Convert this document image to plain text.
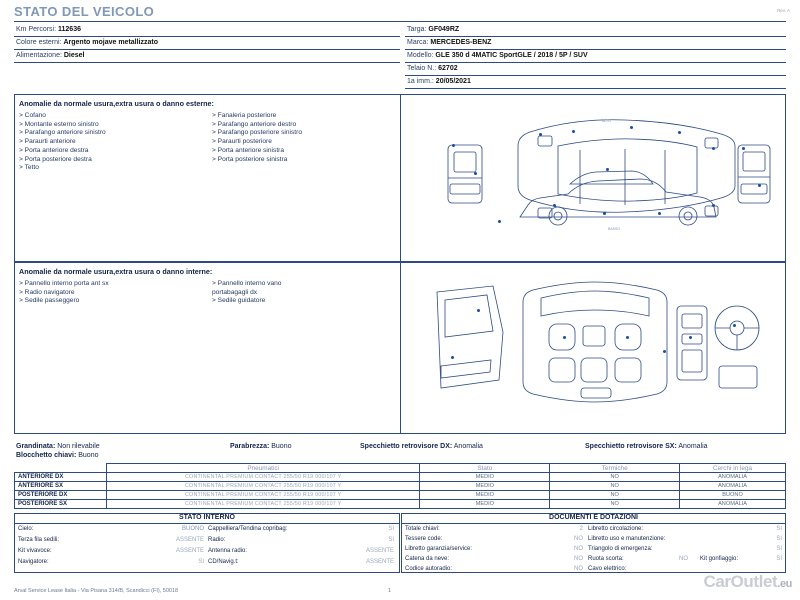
STATO DEL VEICOLO	Rev. A
Km Percorsi: 112636
Colore esterni: Argento mojave metallizzato
Alimentazione: Diesel
Targa: GF049RZ
Marca: MERCEDES-BENZ
Modello: GLE 350 d 4MATIC SportGLE / 2018 / 5P / SUV
Telaio N.: 62702
1a imm.: 20/05/2021
Anomalie da normale usura,extra usura o danno esterne:
> Cofano
> Montante esterno sinistro
> Parafango anteriore sinistro
> Paraurti anteriore
> Porta anteriore destra
> Porta posteriore destra
> Tetto
> Fanaleria posteriore
> Parafango anteriore destro
> Parafango posteriore sinistro
> Paraurti posteriore
> Porta anteriore sinistra
> Porta posteriore sinistra
ALTO
BASSO
Anomalie da normale usura,extra usura o danno interne:
> Pannello interno porta ant sx
> Radio navigatore
> Sedile passeggero
> Pannello interno vano
portabagagli dx
> Sedile guidatore
Grandinata: Non rilevabile	Parabrezza: Buono	Specchietto retrovisore DX: Anomalia	Specchietto retrovisore SX: Anomalia
Blocchetto chiavi: Buono
	Pneumatici	Stato	Termiche	Cerchi in lega
ANTERIORE DX	CONTINENTAL PREMIUM CONTACT 255/50 R19 000/107 Y	MEDIO	NO	ANOMALIA
ANTERIORE SX	CONTINENTAL PREMIUM CONTACT 255/50 R19 000/107 Y	MEDIO	NO	ANOMALIA
POSTERIORE DX	CONTINENTAL PREMIUM CONTACT 255/50 R19 000/107 Y	MEDIO	NO	BUONO
POSTERIORE SX	CONTINENTAL PREMIUM CONTACT 255/50 R19 000/107 Y	MEDIO	NO	ANOMALIA
STATO INTERNO
Cielo:	BUONO
Terza fila sedili:	ASSENTE
Kit vivavoce:	ASSENTE
Navigatore:	SI
Cappelliera/Tendina copribag:	SI
Radio:	SI
Antenna radio:	ASSENTE
CD/Navig.t:	ASSENTE
DOCUMENTI E DOTAZIONI
Totale chiavi:	2
Tessere code:	NO
Libretto garanzia/service:	NO
Catena da neve:	NO
Codice autoradio:	NO
Libretto circolazione:	SI
Libretto uso e manutenzione:	SI
Triangolo di emergenza:	SI
Ruota scorta:	NO Kit gonfiaggio:	SI
Cavo elettrico:
Arval Service Lease Italia - Via Pisana 314/B, Scandicci (FI), 50018	1	CarOutlet.eu
